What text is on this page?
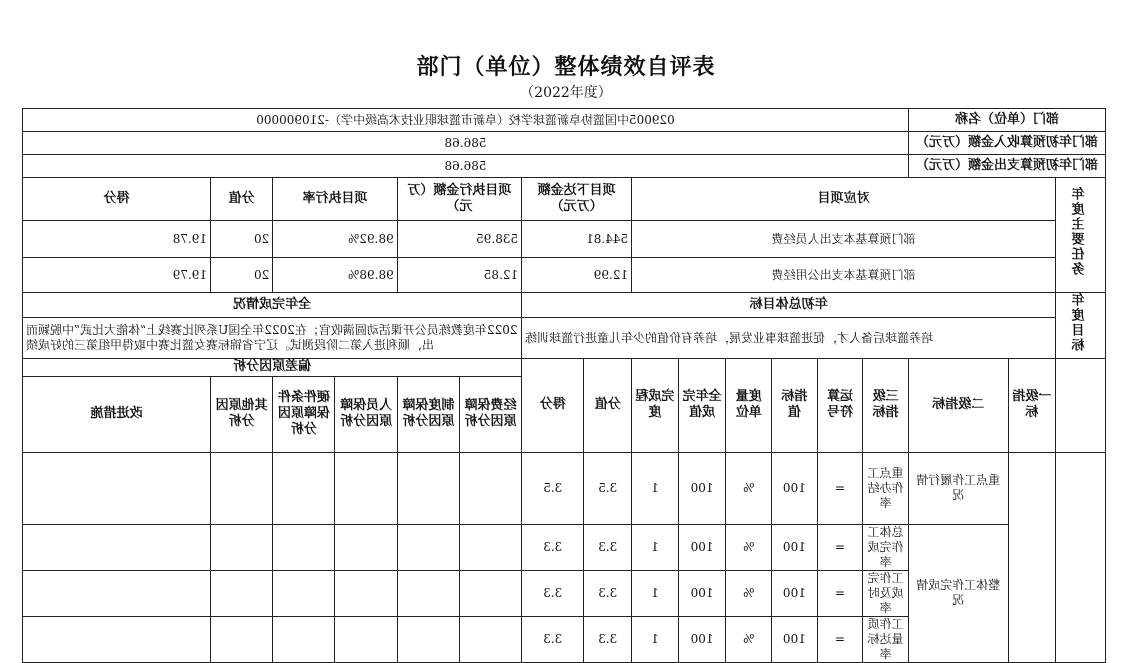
部门（单位）整体绩效自评表
（2022年度）
部门（单位）名称			029005中国篮协阜新篮球学校（阜新市篮球职业技术高级中学）-210900000													
部门年初预算收入金额（万元）			586.68													
部门年初预算支出金额（万元）			586.68													
年度主要任务	对应项目								项目下达金额（万元）		项目执行金额（万元）		项目执行率		分值	得分
	部门预算基本支出人员经费								544.81		538.95		98.92%		20	19.78
	部门预算基本支出公用经费								12.99		12.85		98.98%		20	19.79
年度目标	年初总体目标										全年完成情况					
	培养篮球后备人才，促进篮球事业发展，培养有价值的少年儿童进行篮球训练										2022年度教练员公开课活动圆满收官；在2022年全国U系列比赛线上“体能大比武”中脱颖而出，顺利进入第二阶段测试。辽宁省锦标赛女篮比赛中取得甲组第三的好成绩					
	一级指标	二级指标	三级指标	运算符号	指标值	度量单位	全年完成值	完成程度	分值	得分	偏差原因分析					
											经费保障原因分析	制度保障原因分析	人员保障原因分析	硬件条件保障原因分析	其他原因分析	改进措施
		重点工作履行情况	重点工作办结率	=	100	%	100	1	3.5	3.5						
		整体工作完成情况	总体工作完成率	=	100	%	100	1	3.3	3.3						
			工作完成及时率	=	100	%	100	1	3.3	3.3						
			工作质量达标率	=	100	%	100	1	3.3	3.3						
